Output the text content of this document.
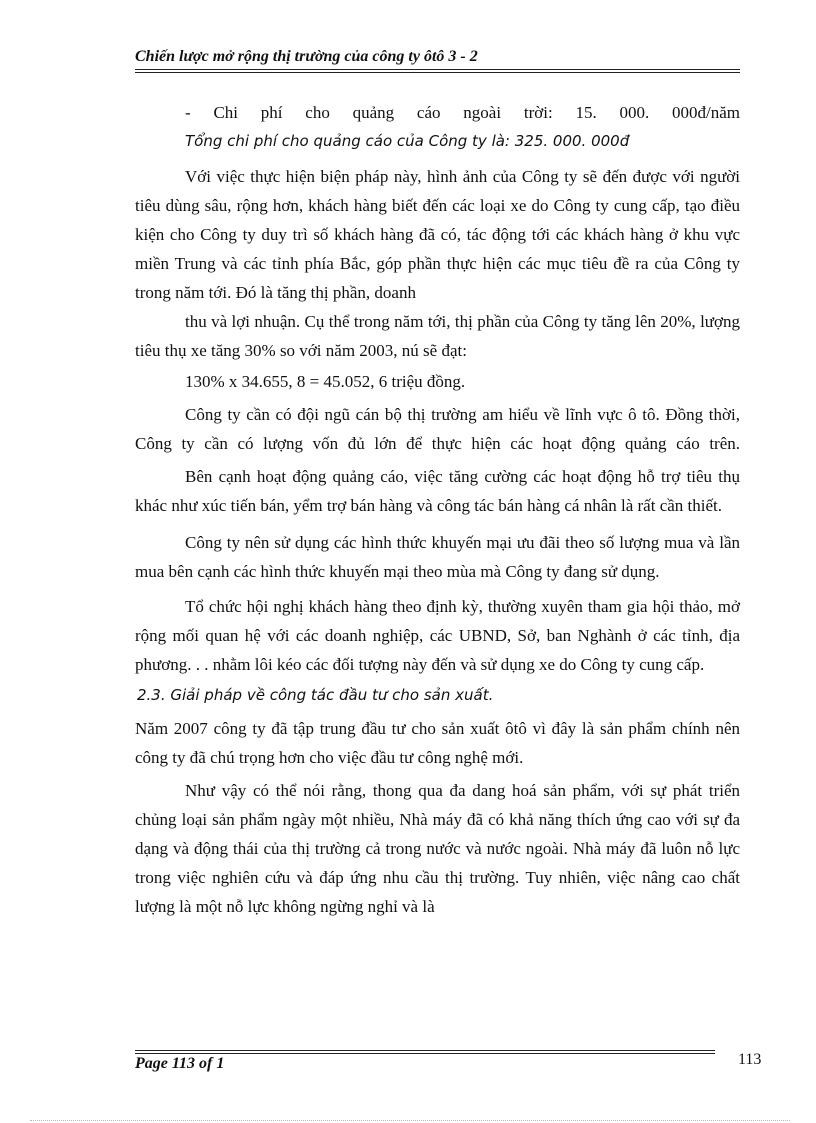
Chiến lược mở rộng thị trường của công ty ôtô 3 - 2

- Chi phí cho quảng cáo ngoài trời: 15. 000. 000đ/năm

Tổng chi phí cho quảng cáo của Công ty là: 325. 000. 000đ

Với việc thực hiện biện pháp này, hình ảnh của Công ty sẽ đến được với người tiêu dùng sâu, rộng hơn, khách hàng biết đến các loại xe do Công ty cung cấp, tạo điều kiện cho Công ty duy trì số khách hàng đã có, tác động tới các khách hàng ở khu vực miền Trung và các tỉnh phía Bắc, góp phần thực hiện các mục tiêu đề ra của Công ty trong năm tới. Đó là tăng thị phần, doanh

thu và lợi nhuận. Cụ thể trong năm tới, thị phần của Công ty tăng lên 20%, lượng tiêu thụ xe tăng 30% so với năm 2003, nú sẽ đạt:

130% x 34.655, 8 = 45.052, 6 triệu đồng.

Công ty cần có đội ngũ cán bộ thị trường am hiểu về lĩnh vực ô tô. Đồng thời, Công ty cần có lượng vốn đủ lớn để thực hiện các hoạt động quảng cáo trên.

Bên cạnh hoạt động quảng cáo, việc tăng cường các hoạt động hỗ trợ tiêu thụ khác như xúc tiến bán, yểm trợ bán hàng và công tác bán hàng cá nhân là rất cần thiết.

Công ty nên sử dụng các hình thức khuyến mại ưu đãi theo số lượng mua và lần mua bên cạnh các hình thức khuyến mại theo mùa mà Công ty đang sử dụng.

Tổ chức hội nghị khách hàng theo định kỳ, thường xuyên tham gia hội thảo, mở rộng mối quan hệ với các doanh nghiệp, các UBND, Sở, ban Nghành ở các tỉnh, địa phương. . . nhằm lôi kéo các đối tượng này đến và sử dụng xe do Công ty cung cấp.

2.3. Giải pháp về công tác đầu tư cho sản xuất.

Năm 2007 công ty đã tập trung đầu tư cho sản xuất ôtô vì đây là sản phẩm chính nên công ty đã chú trọng hơn cho việc đầu tư công nghệ mới.

Như vậy có thể nói rằng, thong qua đa dang hoá sản phẩm, với sự phát triển chủng loại sản phẩm ngày một nhiều, Nhà máy đã có khả năng thích ứng cao với sự đa dạng và động thái của thị trường cả trong nước và nước ngoài. Nhà máy đã luôn nỗ lực trong việc nghiên cứu và đáp ứng nhu cầu thị trường. Tuy nhiên, việc nâng cao chất lượng là một nỗ lực không ngừng nghỉ và là

Page 113 of 1	113
